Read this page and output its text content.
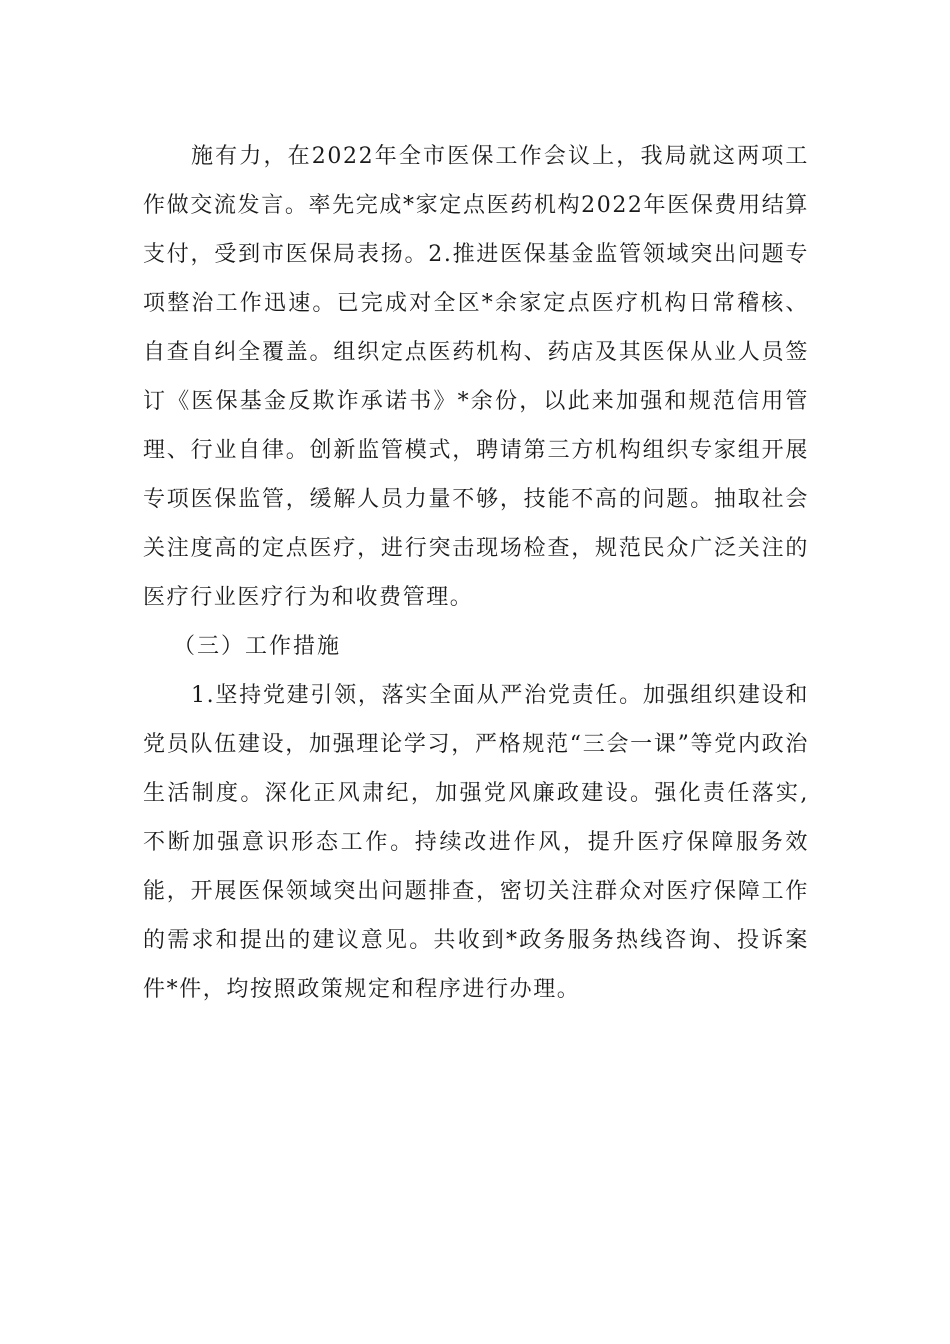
施有力，在2022年全市医保工作会议上，我局就这两项工作做交流发言。率先完成*家定点医药机构2022年医保费用结算支付，受到市医保局表扬。2.推进医保基金监管领域突出问题专项整治工作迅速。已完成对全区*余家定点医疗机构日常稽核、自查自纠全覆盖。组织定点医药机构、药店及其医保从业人员签订《医保基金反欺诈承诺书》*余份，以此来加强和规范信用管理、行业自律。创新监管模式，聘请第三方机构组织专家组开展专项医保监管，缓解人员力量不够，技能不高的问题。抽取社会关注度高的定点医疗，进行突击现场检查，规范民众广泛关注的医疗行业医疗行为和收费管理。

（三）工作措施

1.坚持党建引领，落实全面从严治党责任。加强组织建设和党员队伍建设，加强理论学习，严格规范“三会一课”等党内政治生活制度。深化正风肃纪，加强党风廉政建设。强化责任落实,不断加强意识形态工作。持续改进作风，提升医疗保障服务效能，开展医保领域突出问题排查，密切关注群众对医疗保障工作的需求和提出的建议意见。共收到*政务服务热线咨询、投诉案件*件，均按照政策规定和程序进行办理。
